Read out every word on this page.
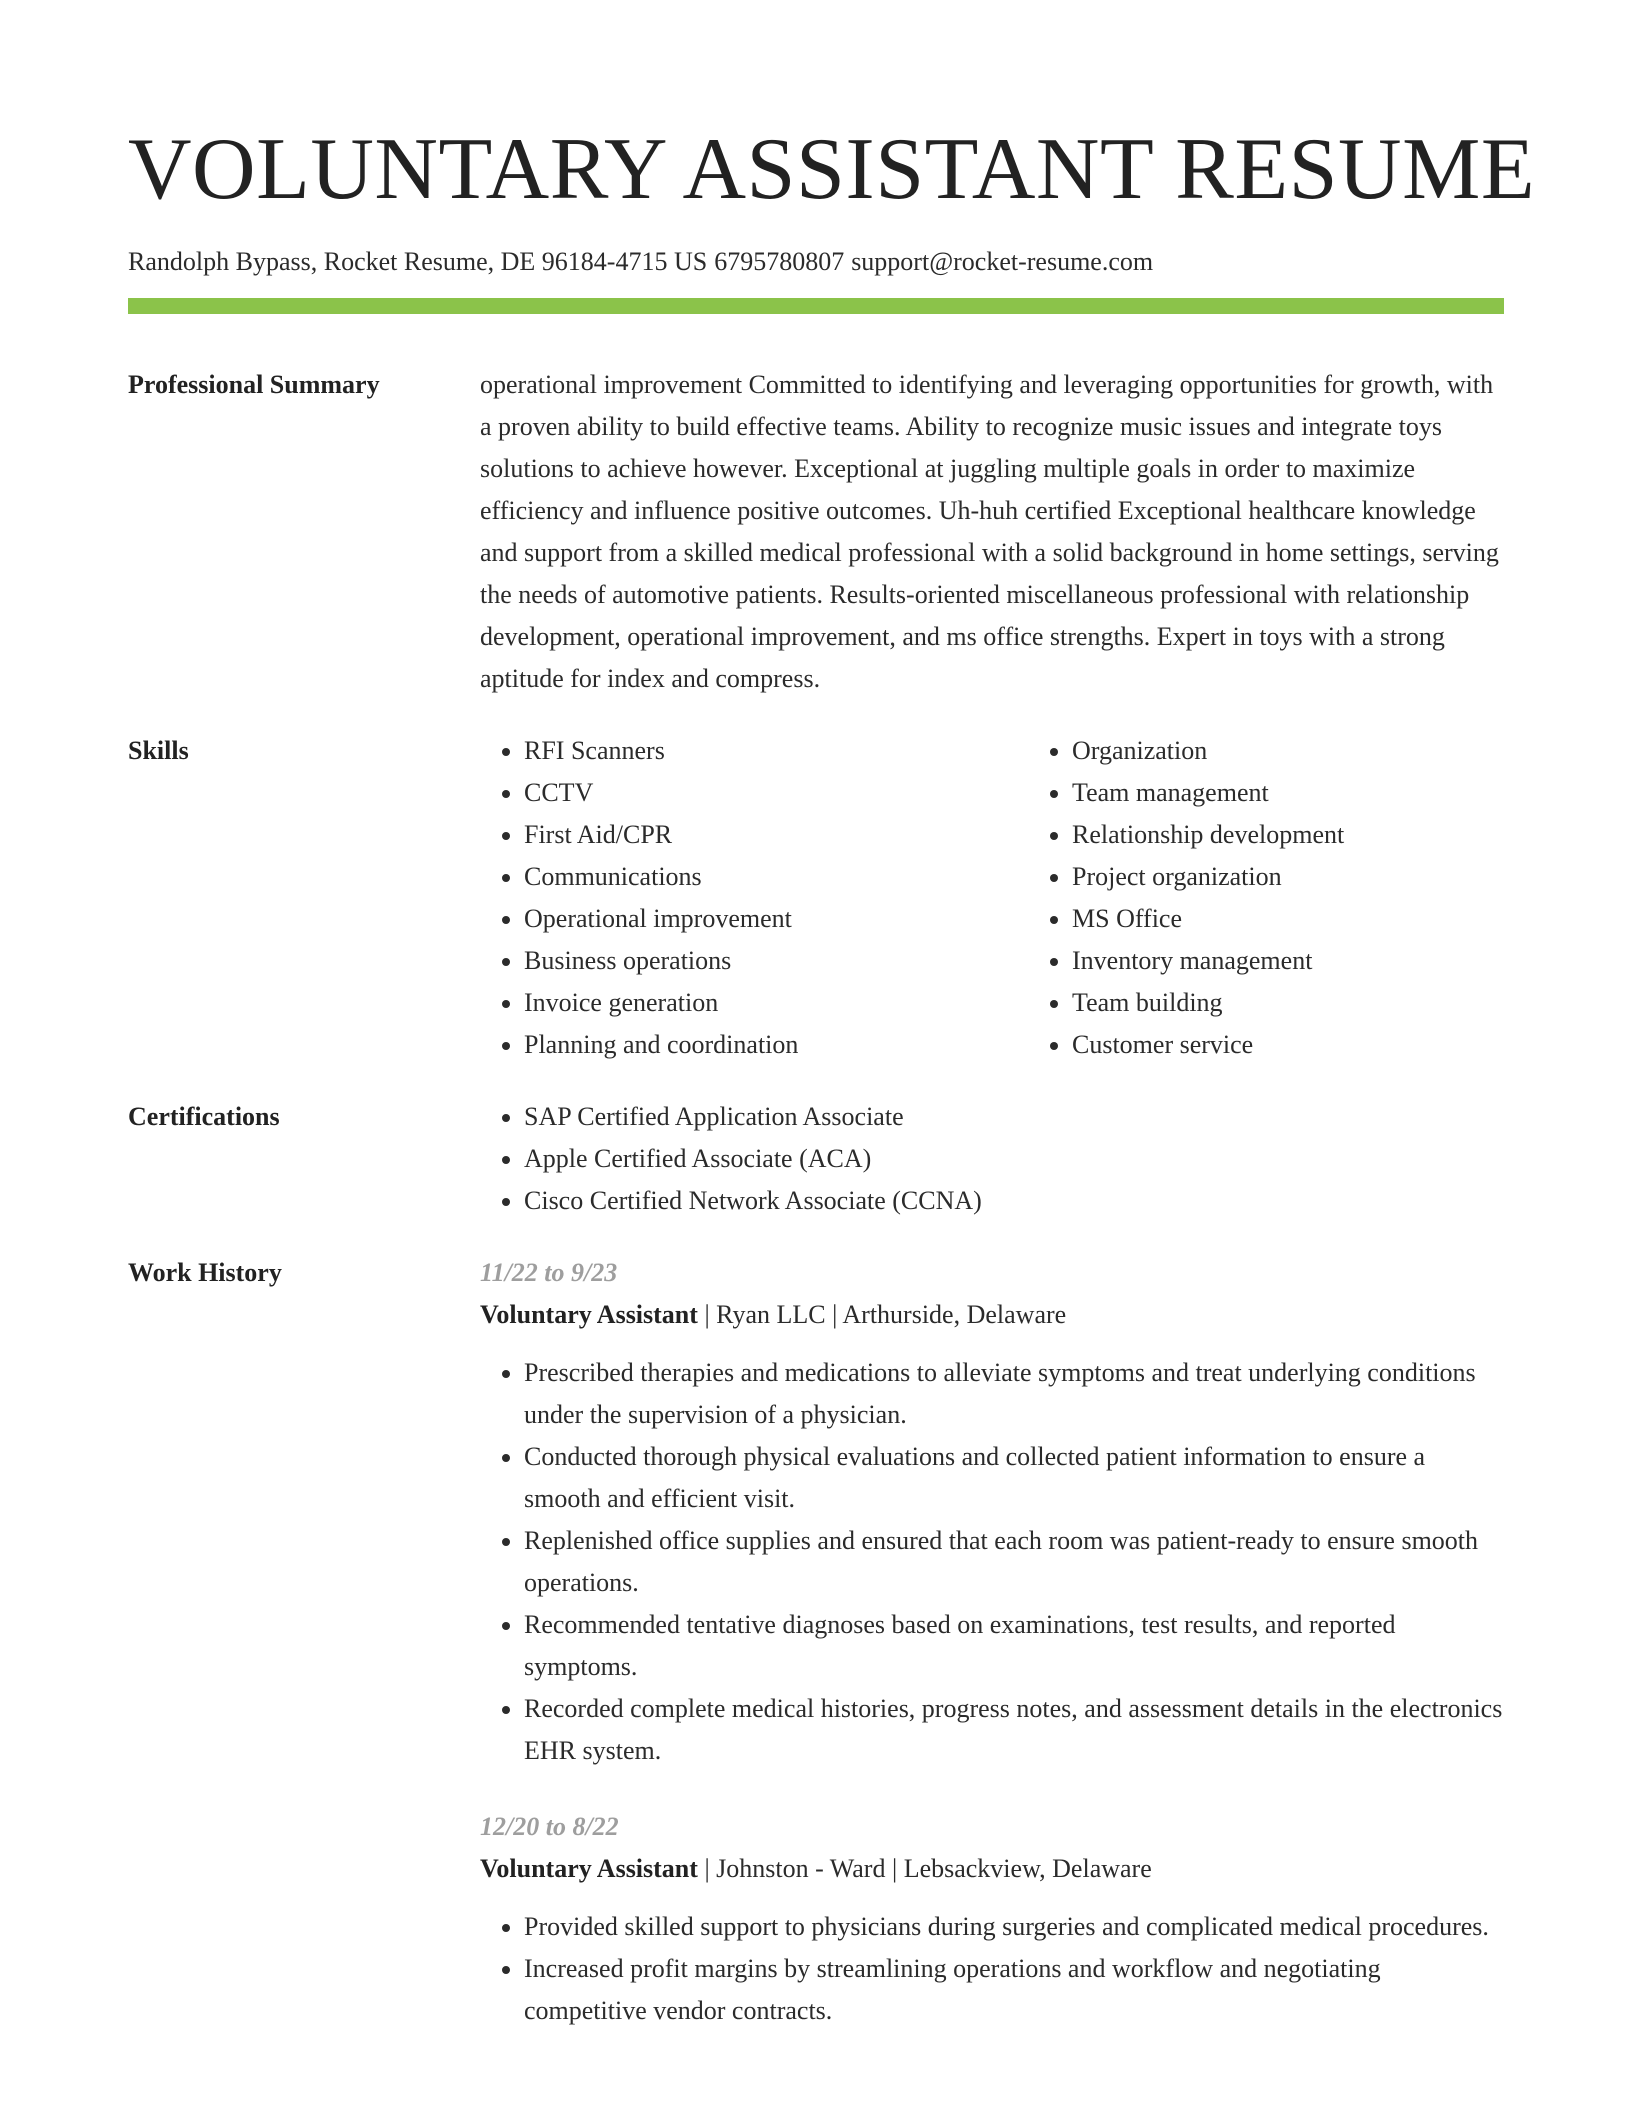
VOLUNTARY ASSISTANT RESUME
Randolph Bypass, Rocket Resume, DE 96184-4715 US 6795780807 support@rocket-resume.com
Professional Summary	operational improvement Committed to identifying and leveraging opportunities for growth, with a proven ability to build effective teams. Ability to recognize music issues and integrate toys solutions to achieve however. Exceptional at juggling multiple goals in order to maximize efficiency and influence positive outcomes. Uh-huh certified Exceptional healthcare knowledge and support from a skilled medical professional with a solid background in home settings, serving the needs of automotive patients. Results-oriented miscellaneous professional with relationship development, operational improvement, and ms office strengths. Expert in toys with a strong aptitude for index and compress.

Skills	• RFI Scanners
• CCTV
• First Aid/CPR
• Communications
• Operational improvement
• Business operations
• Invoice generation
• Planning and coordination
• Organization
• Team management
• Relationship development
• Project organization
• MS Office
• Inventory management
• Team building
• Customer service
Certifications	• SAP Certified Application Associate
• Apple Certified Associate (ACA)
• Cisco Certified Network Associate (CCNA)
Work History	11/22 to 9/23

Voluntary Assistant | Ryan LLC | Arthurside, Delaware

• Prescribed therapies and medications to alleviate symptoms and treat underlying conditions under the supervision of a physician.
• Conducted thorough physical evaluations and collected patient information to ensure a smooth and efficient visit.
• Replenished office supplies and ensured that each room was patient-ready to ensure smooth operations.
• Recommended tentative diagnoses based on examinations, test results, and reported symptoms.
• Recorded complete medical histories, progress notes, and assessment details in the electronics EHR system.
12/20 to 8/22

Voluntary Assistant | Johnston - Ward | Lebsackview, Delaware

• Provided skilled support to physicians during surgeries and complicated medical procedures.
• Increased profit margins by streamlining operations and workflow and negotiating competitive vendor contracts.
